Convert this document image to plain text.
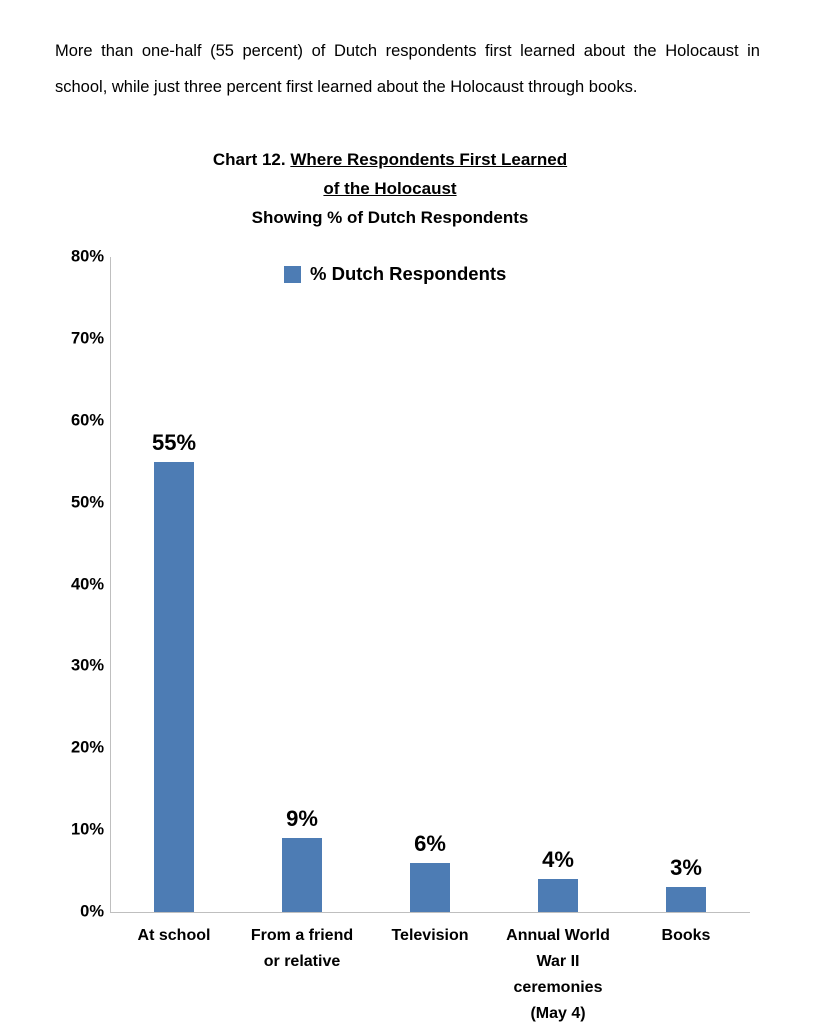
More than one-half (55 percent) of Dutch respondents first learned about the Holocaust in school, while just three percent first learned about the Holocaust through books.

Chart 12. Where Respondents First Learned
of the Holocaust
Showing % of Dutch Respondents
% Dutch Respondents
0%
10%
20%
30%
40%
50%
60%
70%
80%
55%
9%
6%
4%	3%
At school	From a friend
or relative
Television	Annual World
War II
ceremonies
(May 4)
Books
